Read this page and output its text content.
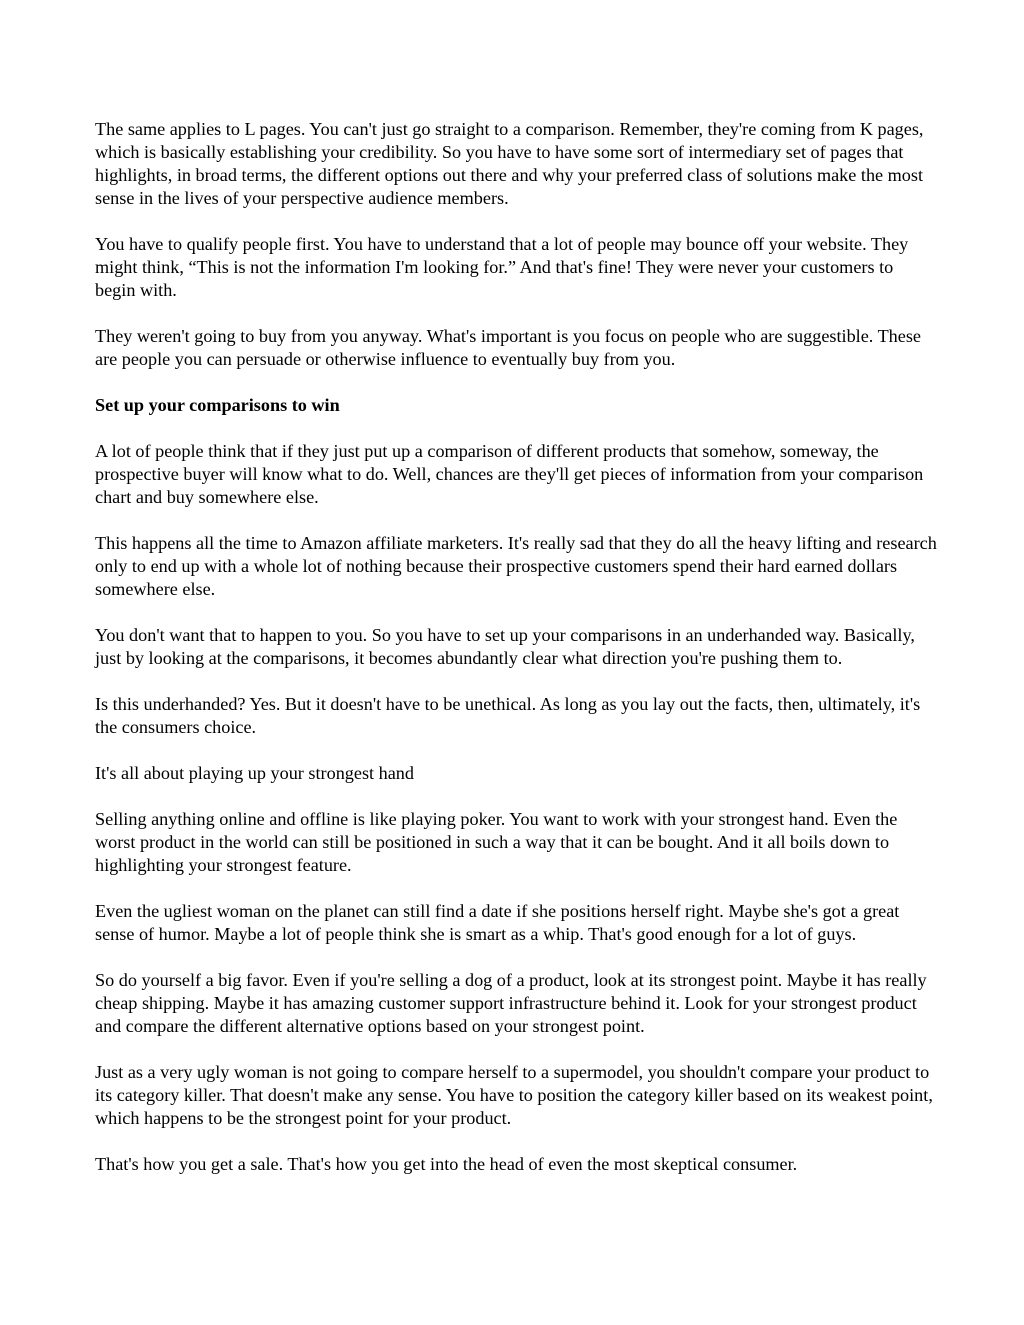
The same applies to L pages. You can't just go straight to a comparison. Remember, they're coming from K pages, which is basically establishing your credibility. So you have to have some sort of intermediary set of pages that highlights, in broad terms, the different options out there and why your preferred class of solutions make the most sense in the lives of your perspective audience members.

You have to qualify people first. You have to understand that a lot of people may bounce off your website. They might think, “This is not the information I'm looking for.” And that's fine! They were never your customers to begin with.

They weren't going to buy from you anyway. What's important is you focus on people who are suggestible. These are people you can persuade or otherwise influence to eventually buy from you.

Set up your comparisons to win

A lot of people think that if they just put up a comparison of different products that somehow, someway, the prospective buyer will know what to do. Well, chances are they'll get pieces of information from your comparison chart and buy somewhere else.

This happens all the time to Amazon affiliate marketers. It's really sad that they do all the heavy lifting and research only to end up with a whole lot of nothing because their prospective customers spend their hard earned dollars somewhere else.

You don't want that to happen to you. So you have to set up your comparisons in an underhanded way. Basically, just by looking at the comparisons, it becomes abundantly clear what direction you're pushing them to.

Is this underhanded? Yes. But it doesn't have to be unethical. As long as you lay out the facts, then, ultimately, it's the consumers choice.

It's all about playing up your strongest hand

Selling anything online and offline is like playing poker. You want to work with your strongest hand. Even the worst product in the world can still be positioned in such a way that it can be bought. And it all boils down to highlighting your strongest feature.

Even the ugliest woman on the planet can still find a date if she positions herself right. Maybe she's got a great sense of humor. Maybe a lot of people think she is smart as a whip. That's good enough for a lot of guys.

So do yourself a big favor. Even if you're selling a dog of a product, look at its strongest point. Maybe it has really cheap shipping. Maybe it has amazing customer support infrastructure behind it. Look for your strongest product and compare the different alternative options based on your strongest point.

Just as a very ugly woman is not going to compare herself to a supermodel, you shouldn't compare your product to its category killer. That doesn't make any sense. You have to position the category killer based on its weakest point, which happens to be the strongest point for your product.

That's how you get a sale. That's how you get into the head of even the most skeptical consumer.
